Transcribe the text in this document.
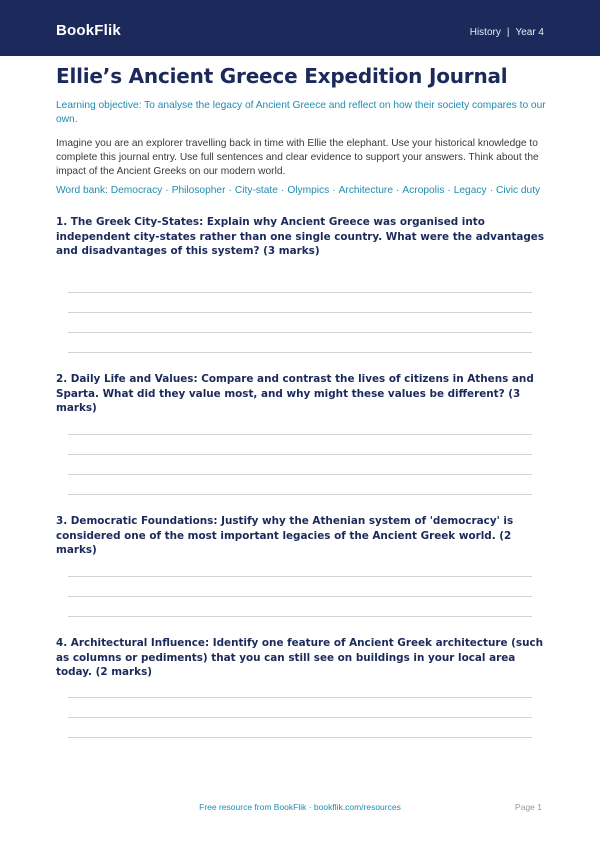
BookFlik	History | Year 4
Ellie’s Ancient Greece Expedition Journal
Learning objective: To analyse the legacy of Ancient Greece and reflect on how their society compares to our own.
Imagine you are an explorer travelling back in time with Ellie the elephant. Use your historical knowledge to complete this journal entry. Use full sentences and clear evidence to support your answers. Think about the impact of the Ancient Greeks on our modern world.
Word bank: Democracy · Philosopher · City-state · Olympics · Architecture · Acropolis · Legacy · Civic duty
1. The Greek City-States: Explain why Ancient Greece was organised into independent city-states rather than one single country. What were the advantages and disadvantages of this system? (3 marks)
2. Daily Life and Values: Compare and contrast the lives of citizens in Athens and Sparta. What did they value most, and why might these values be different? (3 marks)
3. Democratic Foundations: Justify why the Athenian system of 'democracy' is considered one of the most important legacies of the Ancient Greek world. (2 marks)
4. Architectural Influence: Identify one feature of Ancient Greek architecture (such as columns or pediments) that you can still see on buildings in your local area today. (2 marks)
Free resource from BookFlik · bookflik.com/resources	Page 1
